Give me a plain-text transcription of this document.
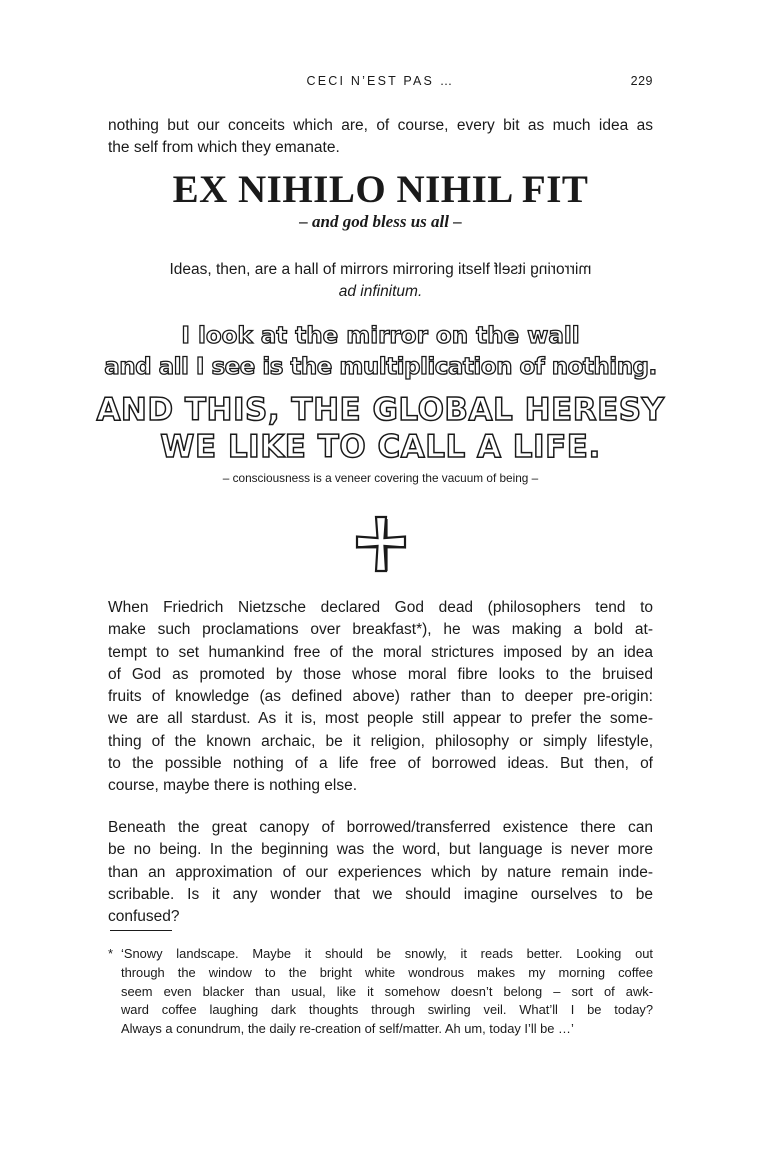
CECI N’EST PAS …	229
nothing but our conceits which are, of course, every bit as much idea as
the self from which they emanate.
EX NIHILO NIHIL FIT
– and god bless us all –
Ideas, then, are a hall of mirrors mirroring itself mirroring itself
ad infinitum.
I look at the mirror on the wall
and all I see is the multiplication of nothing.
AND THIS, THE GLOBAL HERESY
WE LIKE TO CALL A LIFE.
– consciousness is a veneer covering the vacuum of being –
When Friedrich Nietzsche declared God dead (philosophers tend to
make such proclamations over breakfast*), he was making a bold at-
tempt to set humankind free of the moral strictures imposed by an idea
of God as promoted by those whose moral fibre looks to the bruised
fruits of knowledge (as defined above) rather than to deeper pre-origin:
we are all stardust. As it is, most people still appear to prefer the some-
thing of the known archaic, be it religion, philosophy or simply lifestyle,
to the possible nothing of a life free of borrowed ideas. But then, of
course, maybe there is nothing else.
Beneath the great canopy of borrowed/transferred existence there can
be no being. In the beginning was the word, but language is never more
than an approximation of our experiences which by nature remain inde-
scribable. Is it any wonder that we should imagine ourselves to be
confused?
* ‘Snowy landscape. Maybe it should be snowly, it reads better. Looking out
through the window to the bright white wondrous makes my morning coffee
seem even blacker than usual, like it somehow doesn’t belong – sort of awk-
ward coffee laughing dark thoughts through swirling veil. What’ll I be today?
Always a conundrum, the daily re-creation of self/matter. Ah um, today I’ll be …’
